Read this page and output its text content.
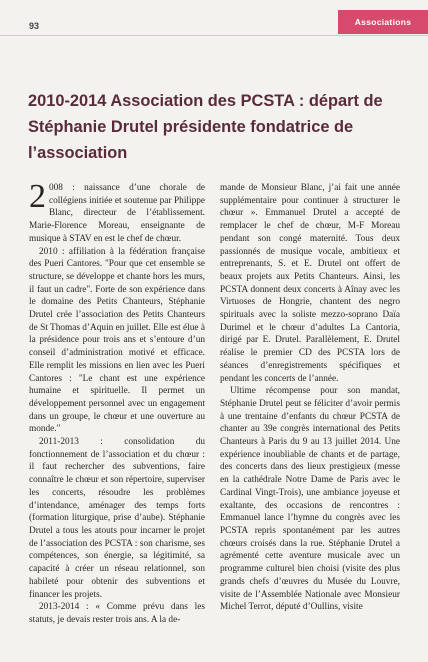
93	Associations
2010-2014 Association des PCSTA : départ de Stéphanie Drutel présidente fondatrice de l’association

2 008 : naissance d’une chorale de collégiens initiée et soutenue par Philippe Blanc, directeur de l’établissement. Marie-Florence Moreau, enseignante de musique à STAV en est le chef de chœur.

2010 : affiliation à la fédération française des Pueri Cantores. "Pour que cet ensemble se structure, se développe et chante hors les murs, il faut un cadre". Forte de son expérience dans le domaine des Petits Chanteurs, Stéphanie Drutel crée l’association des Petits Chanteurs de St Thomas d’Aquin en juillet. Elle est élue à la présidence pour trois ans et s’entoure d’un conseil d’administration motivé et efficace. Elle remplit les missions en lien avec les Pueri Cantores : "Le chant est une expérience humaine et spirituelle. Il permet un développement personnel avec un engagement dans un groupe, le chœur et une ouverture au monde."

2011-2013 : consolidation du fonctionnement de l’association et du chœur : il faut rechercher des subventions, faire connaître le chœur et son répertoire, superviser les concerts, résoudre les problèmes d’intendance, aménager des temps forts (formation liturgique, prise d’aube). Stéphanie Drutel a tous les atouts pour incarner le projet de l’association des PCSTA : son charisme, ses compétences, son énergie, sa légitimité, sa capacité à créer un réseau relationnel, son habileté pour obtenir des subventions et financer les projets.

2013-2014 : « Comme prévu dans les statuts, je devais rester trois ans. A la de-

mande de Monsieur Blanc, j’ai fait une année supplémentaire pour continuer à structurer le chœur ». Emmanuel Drutel a accepté de remplacer le chef de chœur, M-F Moreau pendant son congé maternité. Tous deux passionnés de musique vocale, ambitieux et entreprenants, S. et E. Drutel ont offert de beaux projets aux Petits Chanteurs. Ainsi, les PCSTA donnent deux concerts à Aînay avec les Virtuoses de Hongrie, chantent des negro spirituals avec la soliste mezzo-soprano Daïa Durimel et le chœur d’adultes La Cantoria, dirigé par E. Drutel. Parallèlement, E. Drutel réalise le premier CD des PCSTA lors de séances d’enregistrements spécifiques et pendant les concerts de l’année.

Ultime récompense pour son mandat, Stéphanie Drutel peut se féliciter d’avoir permis à une trentaine d’enfants du chœur PCSTA de chanter au 39e congrès international des Petits Chanteurs à Paris du 9 au 13 juillet 2014. Une expérience inoubliable de chants et de partage, des concerts dans des lieux prestigieux (messe en la cathédrale Notre Dame de Paris avec le Cardinal Vingt-Trois), une ambiance joyeuse et exaltante, des occasions de rencontres : Emmanuel lance l’hymne du congrès avec les PCSTA repris spontanément par les autres chœurs croisés dans la rue. Stéphanie Drutel a agrémenté cette aventure musicale avec un programme culturel bien choisi (visite des plus grands chefs d’œuvres du Musée du Louvre, visite de l’Assemblée Nationale avec Monsieur Michel Terrot, député d’Oullins, visite
